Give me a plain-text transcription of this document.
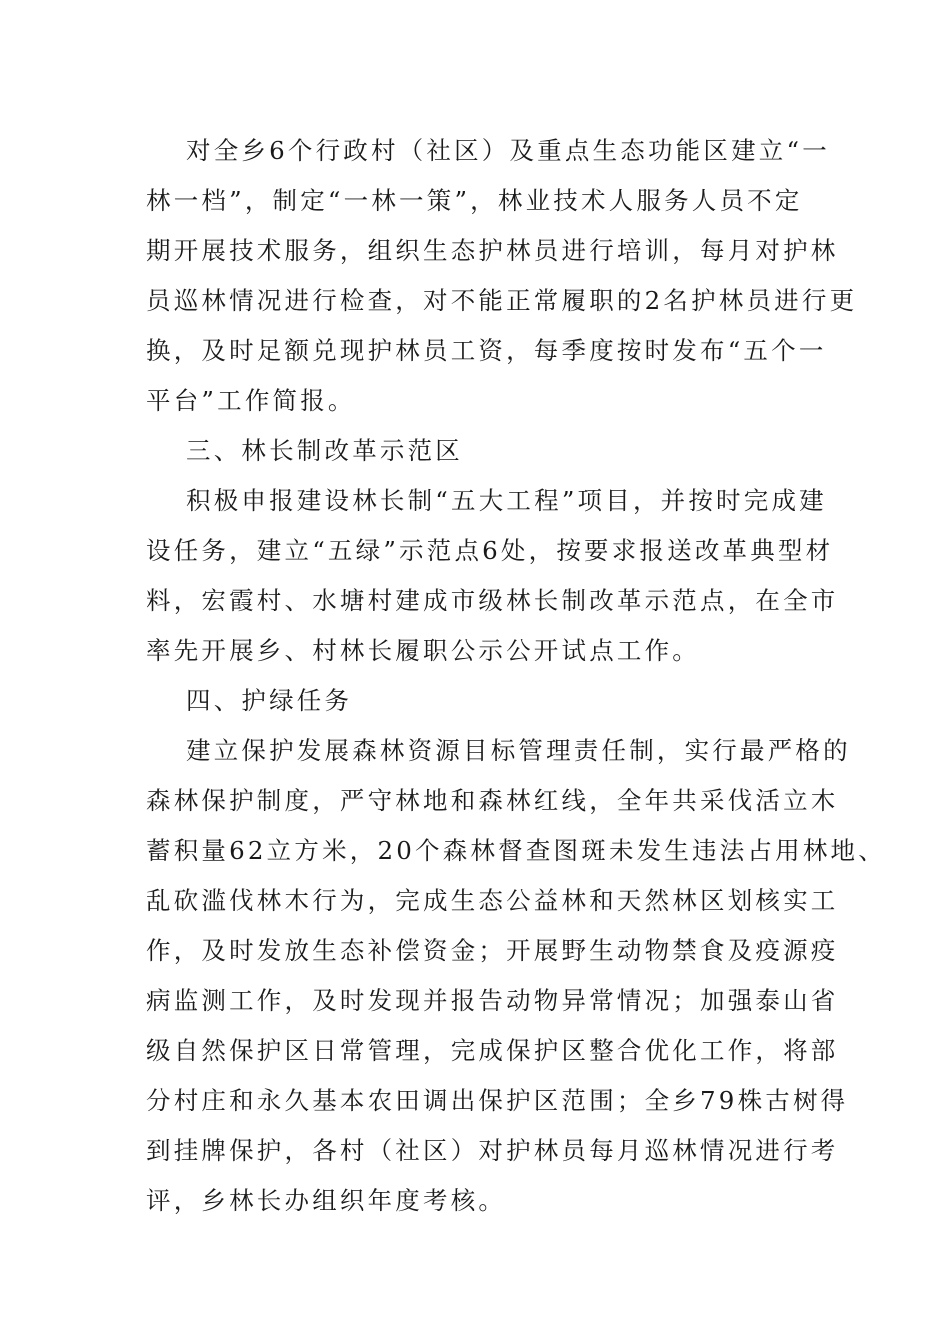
对全乡6个行政村（社区）及重点生态功能区建立“一
林一档”，制定“一林一策”，林业技术人服务人员不定
期开展技术服务，组织生态护林员进行培训，每月对护林
员巡林情况进行检查，对不能正常履职的2名护林员进行更
换，及时足额兑现护林员工资，每季度按时发布“五个一
平台”工作简报。
三、林长制改革示范区
积极申报建设林长制“五大工程”项目，并按时完成建
设任务，建立“五绿”示范点6处，按要求报送改革典型材
料，宏霞村、水塘村建成市级林长制改革示范点，在全市
率先开展乡、村林长履职公示公开试点工作。
四、护绿任务
建立保护发展森林资源目标管理责任制，实行最严格的
森林保护制度，严守林地和森林红线，全年共采伐活立木
蓄积量62立方米，20个森林督查图斑未发生违法占用林地、
乱砍滥伐林木行为，完成生态公益林和天然林区划核实工
作，及时发放生态补偿资金；开展野生动物禁食及疫源疫
病监测工作，及时发现并报告动物异常情况；加强泰山省
级自然保护区日常管理，完成保护区整合优化工作，将部
分村庄和永久基本农田调出保护区范围；全乡79株古树得
到挂牌保护，各村（社区）对护林员每月巡林情况进行考
评，乡林长办组织年度考核。
